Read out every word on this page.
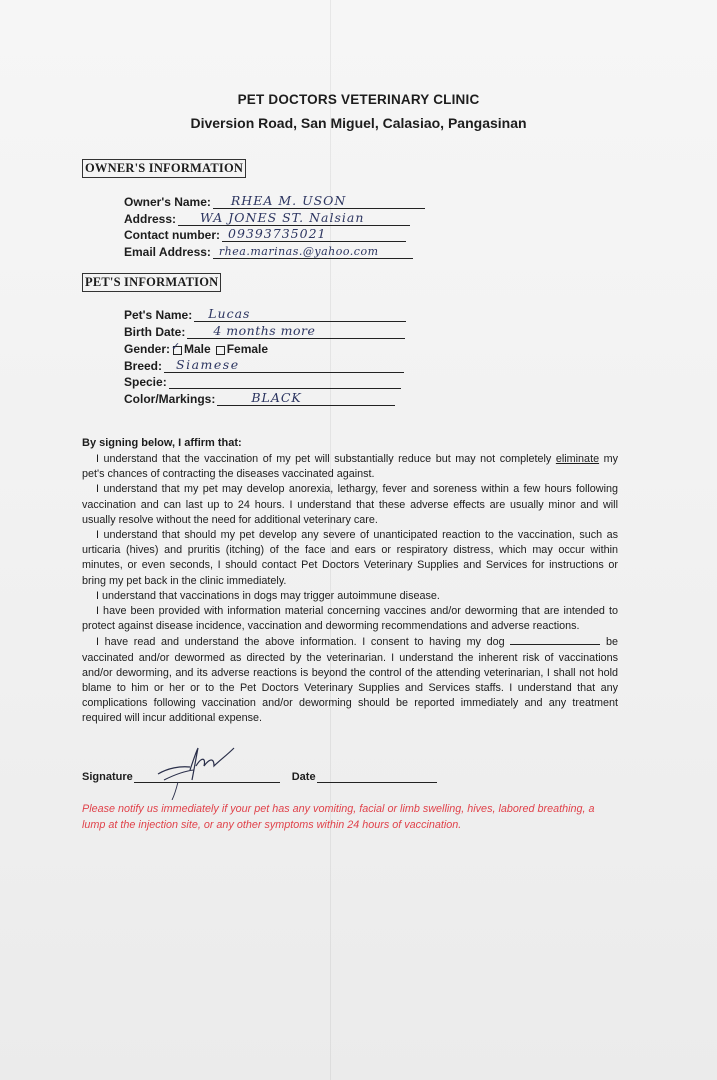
PET DOCTORS VETERINARY CLINIC

Diversion Road, San Miguel, Calasiao, Pangasinan

OWNER'S INFORMATION
Owner's Name: RHEA M. USON
Address: WA JONES ST. Nalsian
Contact number: 09393735021
Email Address: rhea.marinas.@yahoo.com
PET'S INFORMATION
Pet's Name: Lucas
Birth Date: 4 months more
Gender: ✓ Male Female
Breed: Siamese
Specie:
Color/Markings:	BLACK
By signing below, I affirm that:

I understand that the vaccination of my pet will substantially reduce but may not completely eliminate my pet's chances of contracting the diseases vaccinated against.

I understand that my pet may develop anorexia, lethargy, fever and soreness within a few hours following vaccination and can last up to 24 hours. I understand that these adverse effects are usually minor and will usually resolve without the need for additional veterinary care.

I understand that should my pet develop any severe of unanticipated reaction to the vaccination, such as urticaria (hives) and pruritis (itching) of the face and ears or respiratory distress, which may occur within minutes, or even seconds, I should contact Pet Doctors Veterinary Supplies and Services for instructions or bring my pet back in the clinic immediately.

I understand that vaccinations in dogs may trigger autoimmune disease.

I have been provided with information material concerning vaccines and/or deworming that are intended to protect against disease incidence, vaccination and deworming recommendations and adverse reactions.

I have read and understand the above information. I consent to having my dog	be vaccinated and/or dewormed as directed by the veterinarian. I understand the inherent risk of vaccinations and/or deworming, and its adverse reactions is beyond the control of the attending veterinarian, I shall not hold blame to him or her or to the Pet Doctors Veterinary Supplies and Services staffs. I understand that any complications following vaccination and/or deworming should be reported immediately and any treatment required will incur additional expense.

Signature	Date
Please notify us immediately if your pet has any vomiting, facial or limb swelling, hives, labored breathing, a lump at the injection site, or any other symptoms within 24 hours of vaccination.
